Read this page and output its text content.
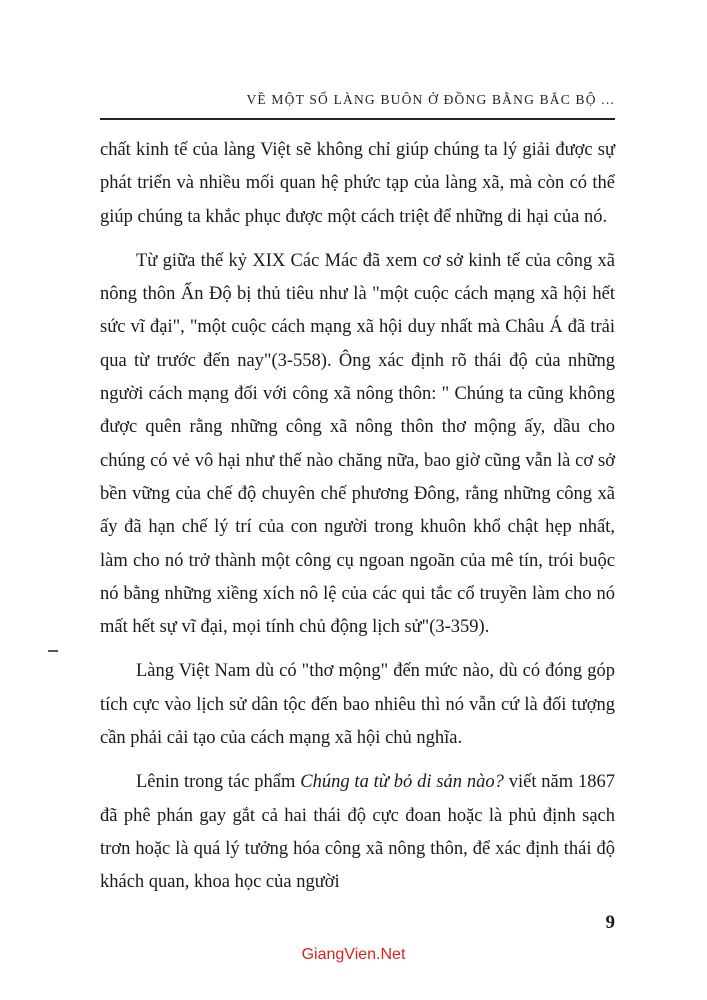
VỀ MỘT SỐ LÀNG BUÔN Ở ĐỒNG BẰNG BẮC BỘ ...

chất kinh tế của làng Việt sẽ không chỉ giúp chúng ta lý giải được sự phát triển và nhiều mối quan hệ phức tạp của làng xã, mà còn có thể giúp chúng ta khắc phục được một cách triệt để những di hại của nó.

Từ giữa thế kỷ XIX Các Mác đã xem cơ sở kinh tế của công xã nông thôn Ấn Độ bị thủ tiêu như là "một cuộc cách mạng xã hội hết sức vĩ đại", "một cuộc cách mạng xã hội duy nhất mà Châu Á đã trải qua từ trước đến nay"(3-558). Ông xác định rõ thái độ của những người cách mạng đối với công xã nông thôn: " Chúng ta cũng không được quên rằng những công xã nông thôn thơ mộng ấy, dầu cho chúng có vẻ vô hại như thế nào chăng nữa, bao giờ cũng vẫn là cơ sở bền vững của chế độ chuyên chế phương Đông, rằng những công xã ấy đã hạn chế lý trí của con người trong khuôn khổ chật hẹp nhất, làm cho nó trở thành một công cụ ngoan ngoãn của mê tín, trói buộc nó bằng những xiềng xích nô lệ của các qui tắc cổ truyền làm cho nó mất hết sự vĩ đại, mọi tính chủ động lịch sử"(3-359).

Làng Việt Nam dù có "thơ mộng" đến mức nào, dù có đóng góp tích cực vào lịch sử dân tộc đến bao nhiêu thì nó vẫn cứ là đối tượng cần phải cải tạo của cách mạng xã hội chủ nghĩa.

Lênin trong tác phẩm Chúng ta từ bỏ di sản nào? viết năm 1867 đã phê phán gay gắt cả hai thái độ cực đoan hoặc là phủ định sạch trơn hoặc là quá lý tưởng hóa công xã nông thôn, để xác định thái độ khách quan, khoa học của người

9
GiangVien.Net
